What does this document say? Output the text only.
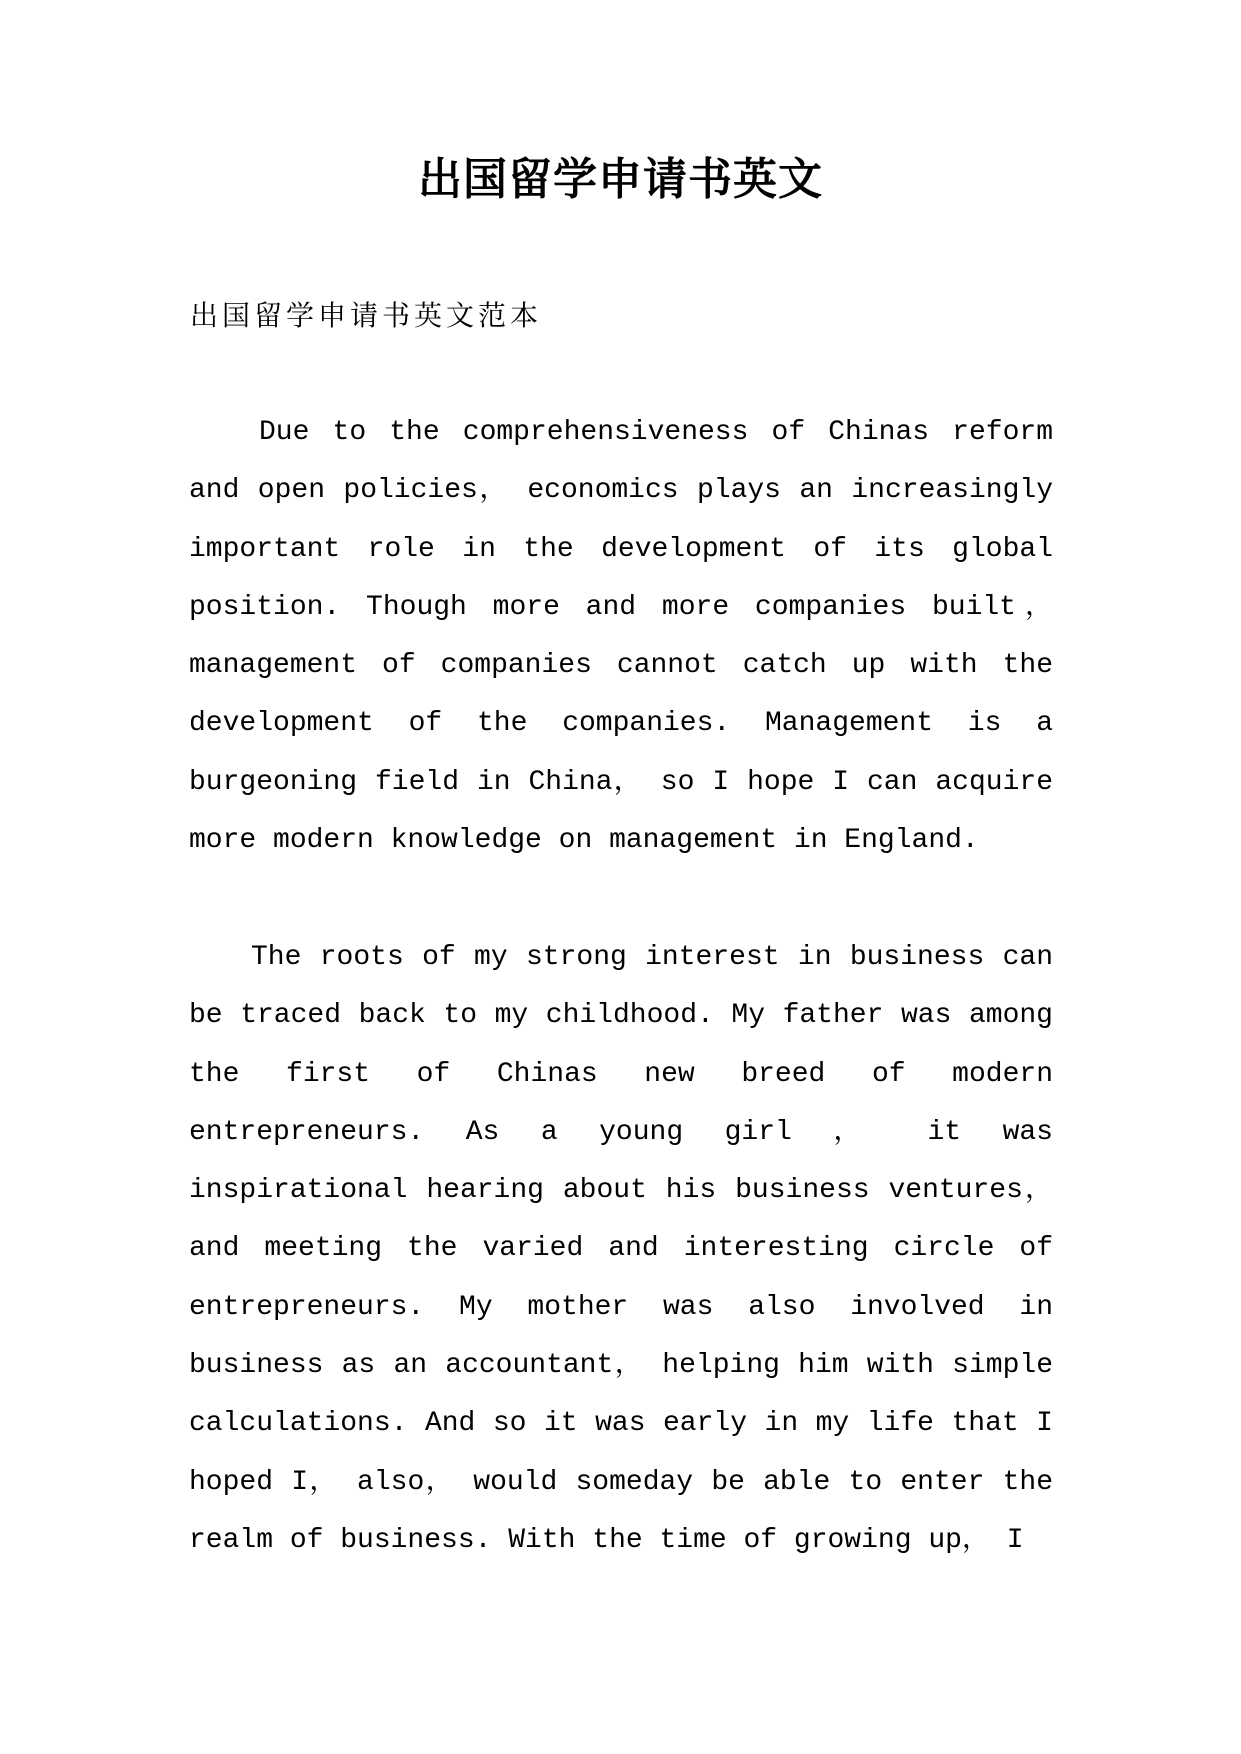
出国留学申请书英文
出国留学申请书英文范本

Due to the comprehensiveness of Chinas reform and open policies， economics plays an increasingly important role in the development of its global position. Though more and more companies built， management of companies cannot catch up with the development of the companies. Management is a burgeoning field in China， so I hope I can acquire more modern knowledge on management in England.

The roots of my strong interest in business can be traced back to my childhood. My father was among the first of Chinas new breed of modern entrepreneurs. As a young girl ， it was inspirational hearing about his business ventures， and meeting the varied and interesting circle of entrepreneurs. My mother was also involved in business as an accountant， helping him with simple calculations. And so it was early in my life that I hoped I， also， would someday be able to enter the realm of business. With the time of growing up， I
